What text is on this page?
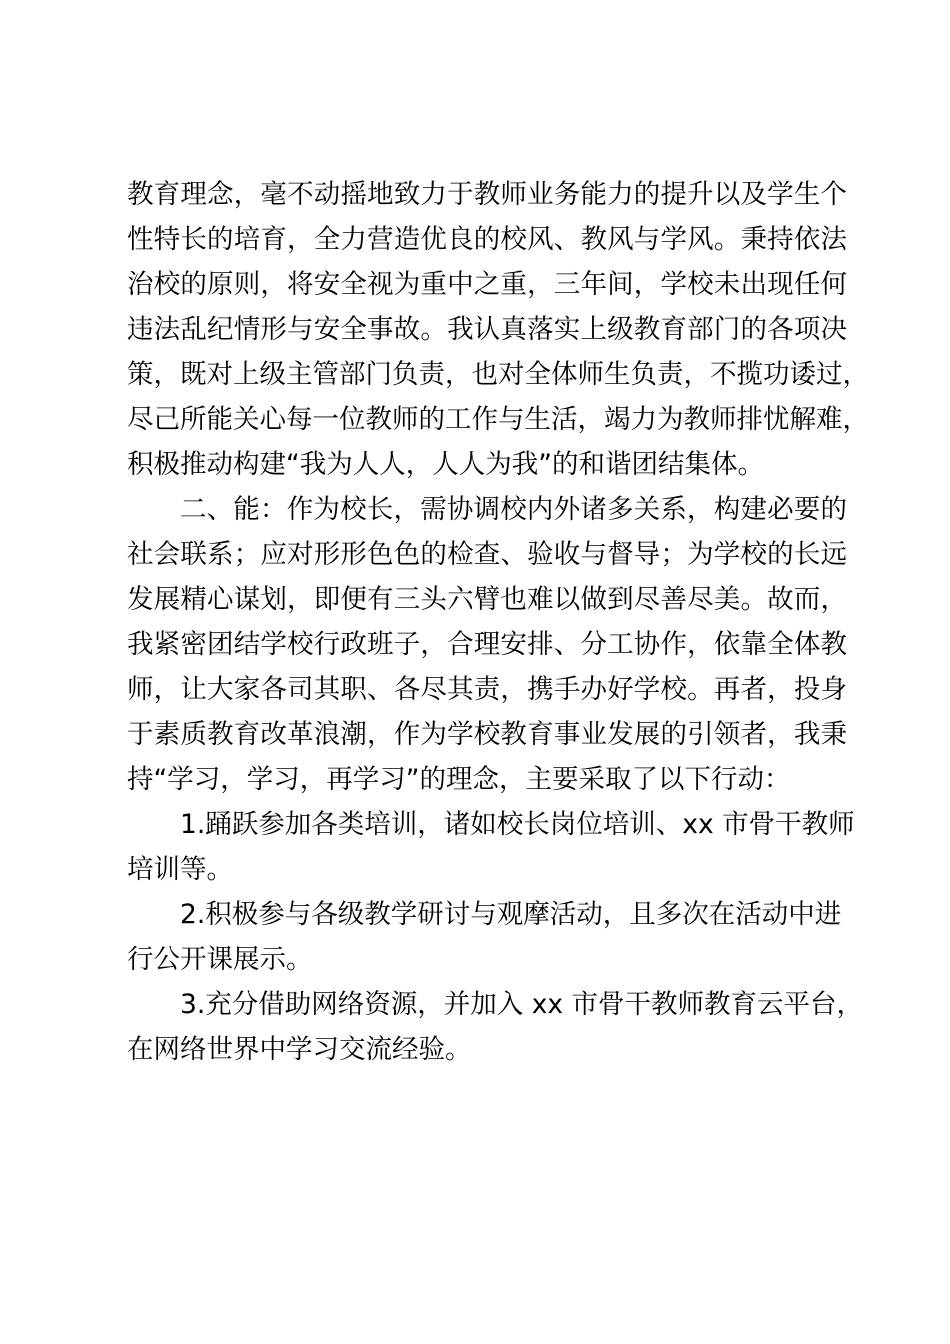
教育理念，毫不动摇地致力于教师业务能力的提升以及学生个
性特长的培育，全力营造优良的校风、教风与学风。秉持依法
治校的原则，将安全视为重中之重，三年间，学校未出现任何
违法乱纪情形与安全事故。我认真落实上级教育部门的各项决
策，既对上级主管部门负责，也对全体师生负责，不揽功诿过，
尽己所能关心每一位教师的工作与生活，竭力为教师排忧解难，
积极推动构建“我为人人，人人为我”的和谐团结集体。
二、能：作为校长，需协调校内外诸多关系，构建必要的
社会联系；应对形形色色的检查、验收与督导；为学校的长远
发展精心谋划，即便有三头六臂也难以做到尽善尽美。故而，
我紧密团结学校行政班子，合理安排、分工协作，依靠全体教
师，让大家各司其职、各尽其责，携手办好学校。再者，投身
于素质教育改革浪潮，作为学校教育事业发展的引领者，我秉
持“学习，学习，再学习”的理念，主要采取了以下行动：
1.踊跃参加各类培训，诸如校长岗位培训、xx 市骨干教师
培训等。
2.积极参与各级教学研讨与观摩活动，且多次在活动中进
行公开课展示。
3.充分借助网络资源，并加入 xx 市骨干教师教育云平台，
在网络世界中学习交流经验。
